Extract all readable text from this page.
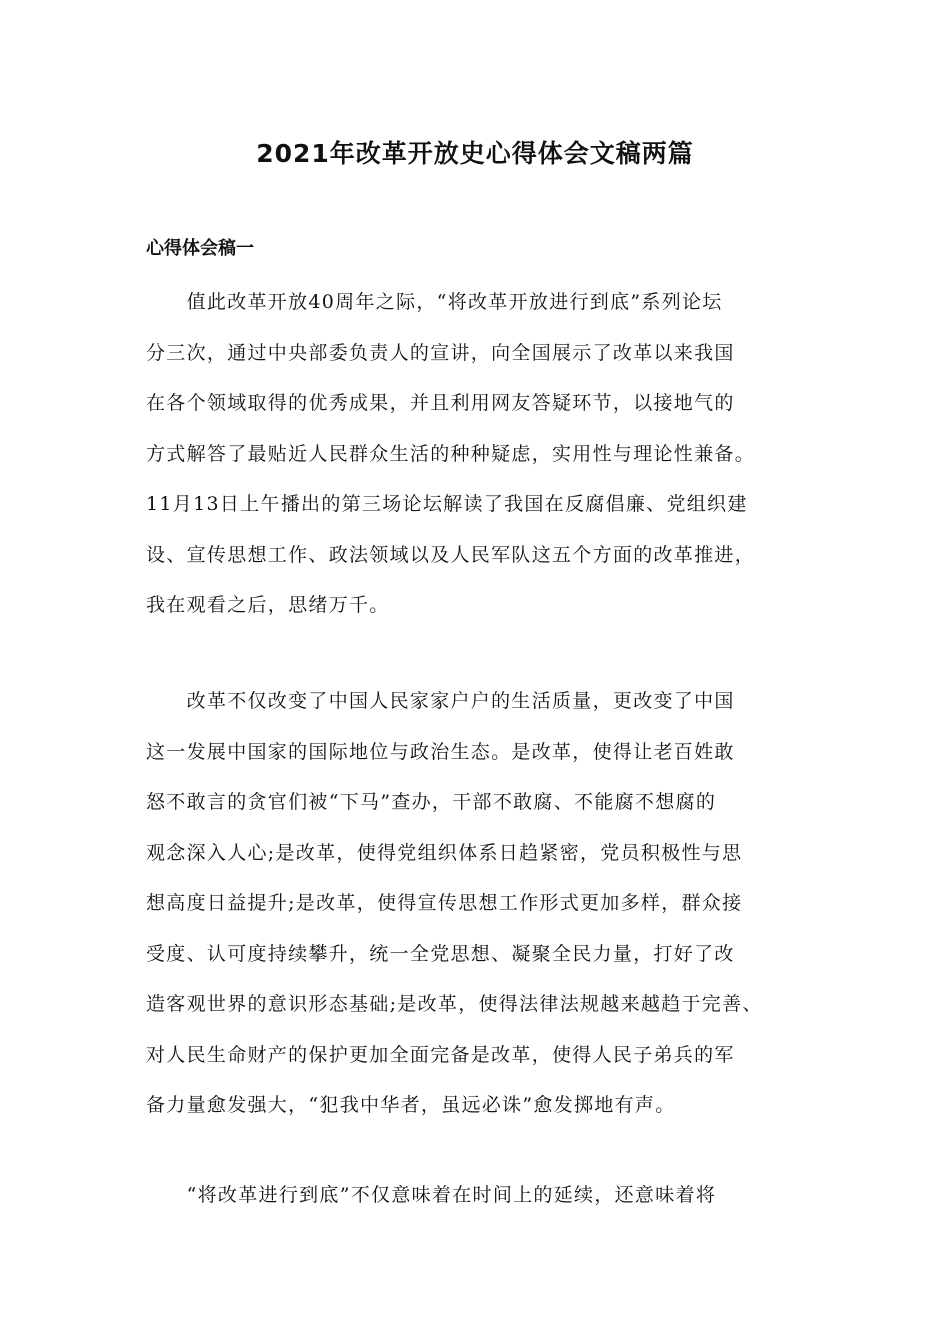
2021年改革开放史心得体会文稿两篇
心得体会稿一
　　值此改革开放40周年之际，“将改革开放进行到底”系列论坛
分三次，通过中央部委负责人的宣讲，向全国展示了改革以来我国
在各个领域取得的优秀成果，并且利用网友答疑环节，以接地气的
方式解答了最贴近人民群众生活的种种疑虑，实用性与理论性兼备。
11月13日上午播出的第三场论坛解读了我国在反腐倡廉、党组织建
设、宣传思想工作、政法领域以及人民军队这五个方面的改革推进，
我在观看之后，思绪万千。
　　改革不仅改变了中国人民家家户户的生活质量，更改变了中国
这一发展中国家的国际地位与政治生态。是改革，使得让老百姓敢
怒不敢言的贪官们被“下马”查办，干部不敢腐、不能腐不想腐的
观念深入人心;是改革，使得党组织体系日趋紧密，党员积极性与思
想高度日益提升;是改革，使得宣传思想工作形式更加多样，群众接
受度、认可度持续攀升，统一全党思想、凝聚全民力量，打好了改
造客观世界的意识形态基础;是改革，使得法律法规越来越趋于完善、
对人民生命财产的保护更加全面完备是改革，使得人民子弟兵的军
备力量愈发强大，“犯我中华者，虽远必诛”愈发掷地有声。
　　“将改革进行到底”不仅意味着在时间上的延续，还意味着将
